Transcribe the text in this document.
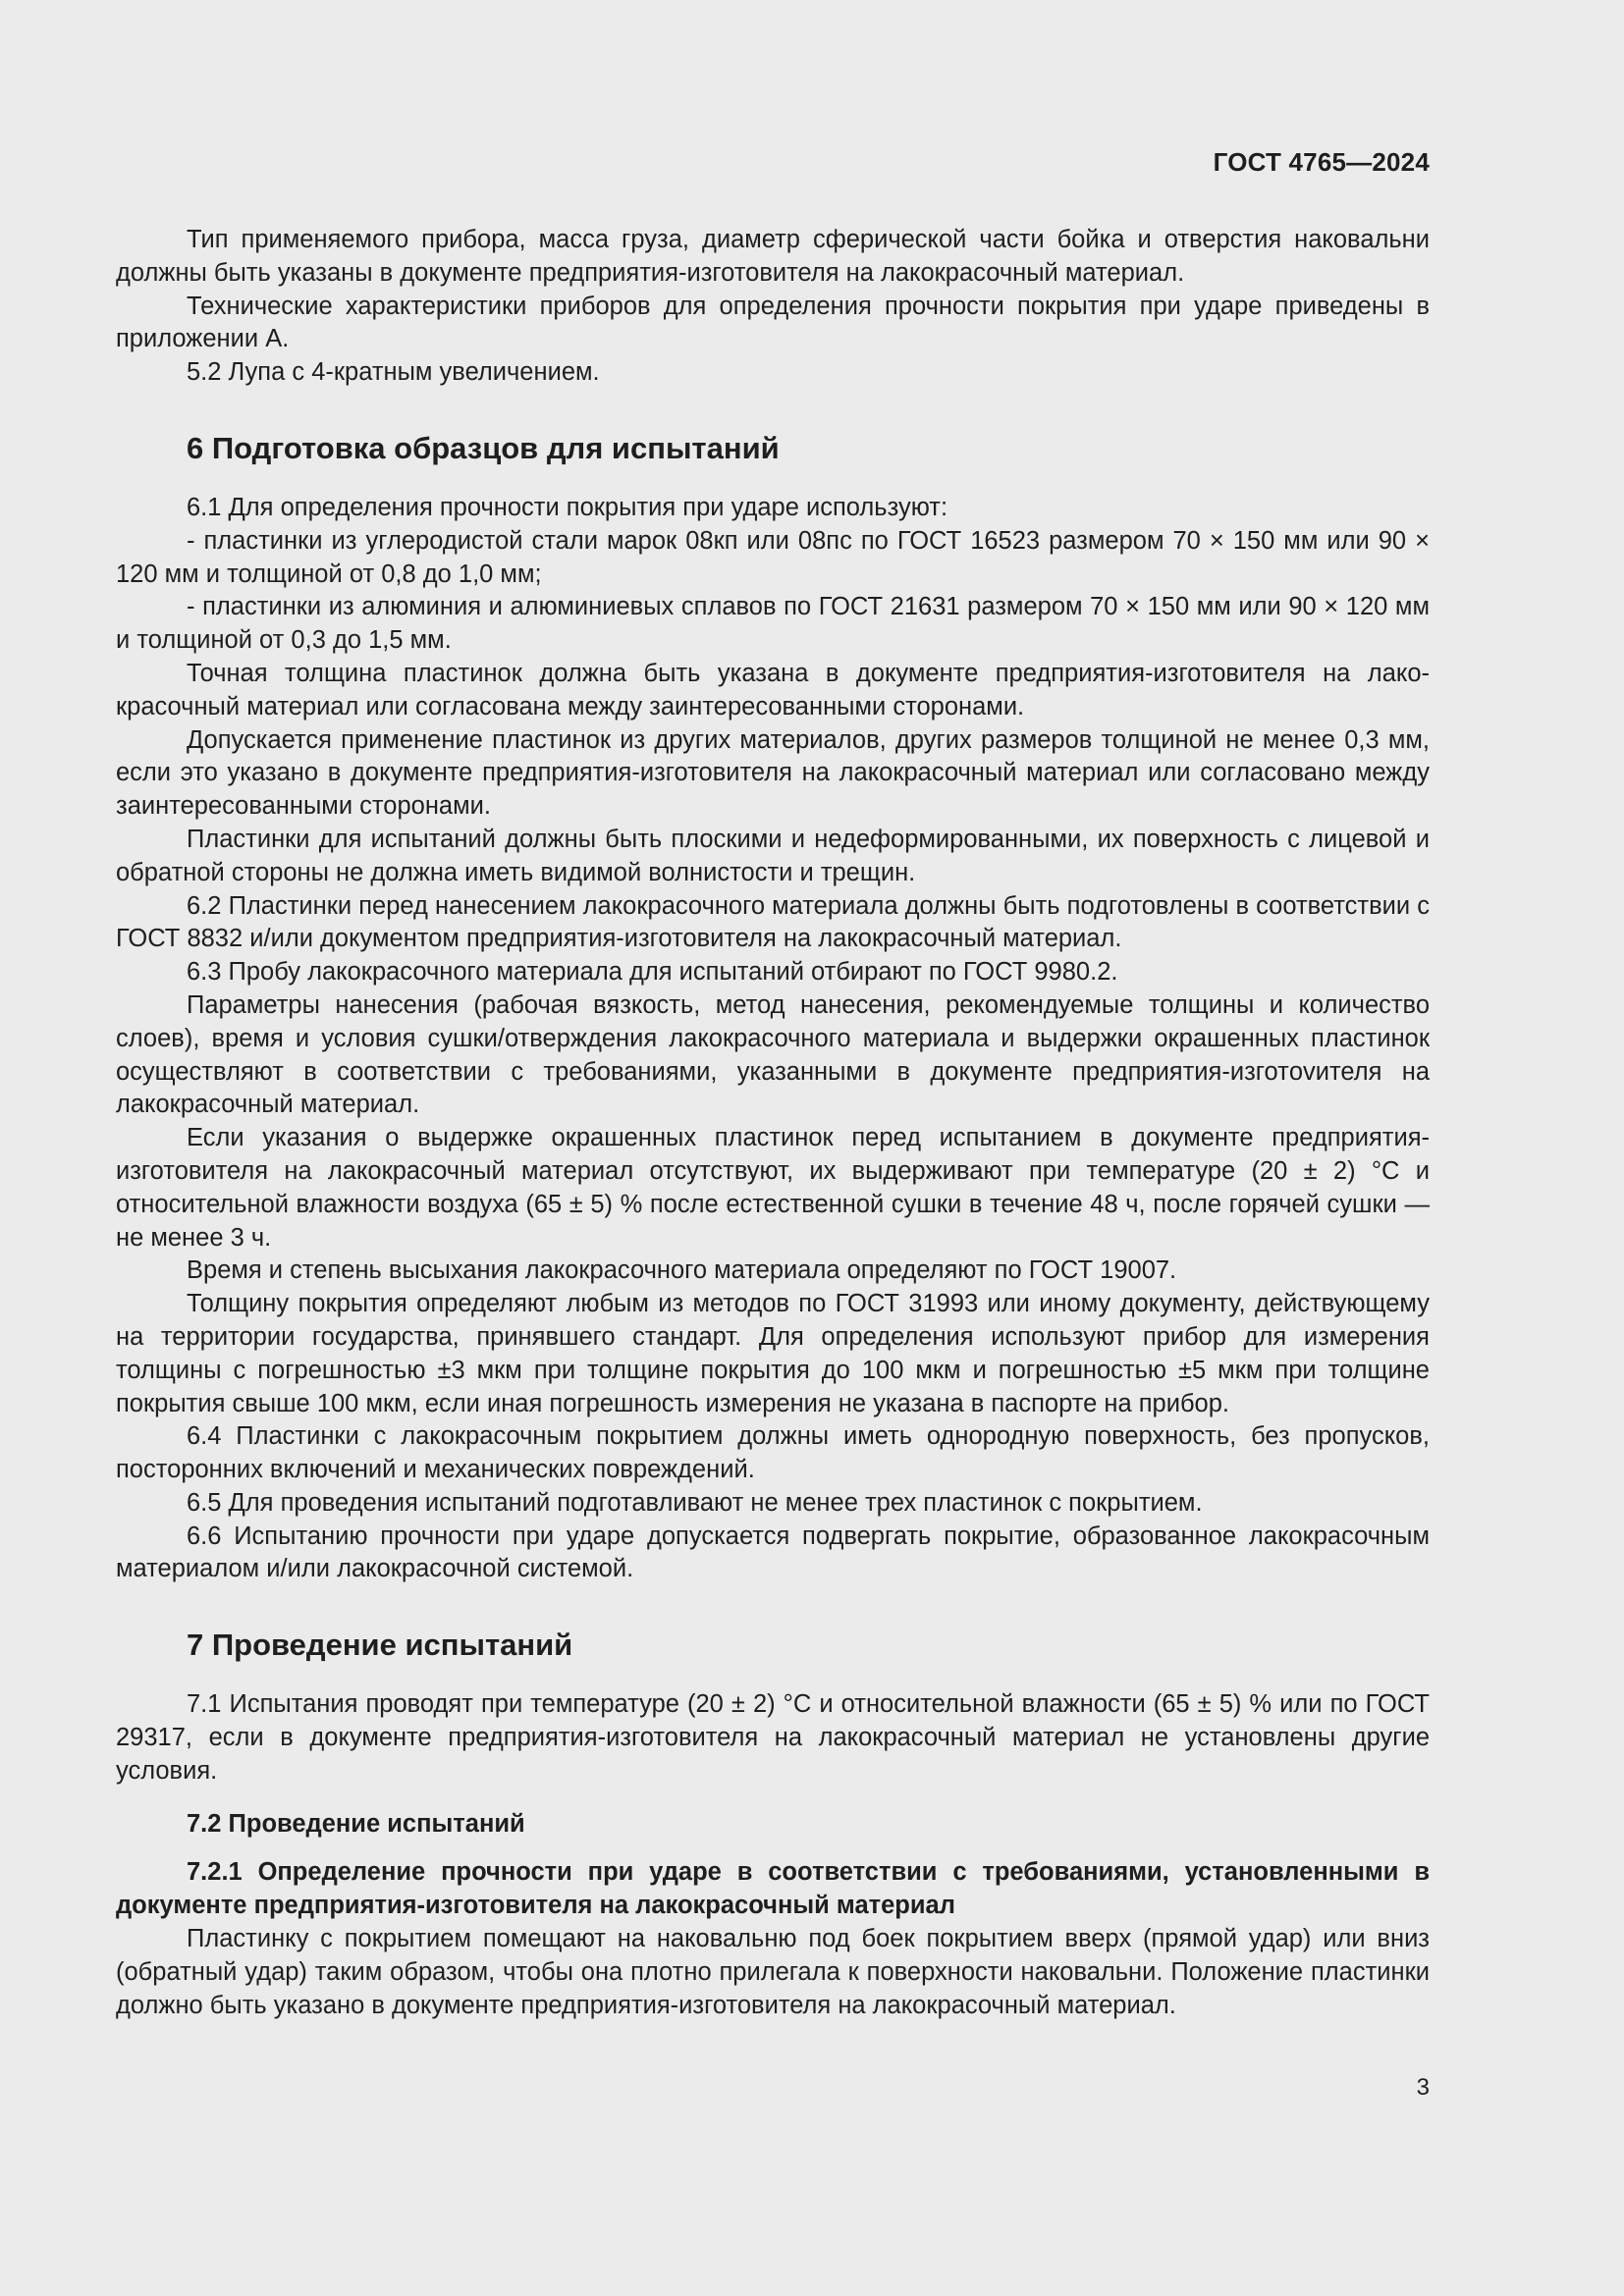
ГОСТ 4765—2024

Тип применяемого прибора, масса груза, диаметр сферической части бойка и отверстия наковальни должны быть указаны в документе предприятия-изготовителя на лакокрасочный материал.

Технические характеристики приборов для определения прочности покрытия при ударе приведены в приложении А.

5.2 Лупа с 4-кратным увеличением.

6 Подготовка образцов для испытаний

6.1 Для определения прочности покрытия при ударе используют:

- пластинки из углеродистой стали марок 08кп или 08пс по ГОСТ 16523 размером 70 × 150 мм или 90 × 120 мм и толщиной от 0,8 до 1,0 мм;

- пластинки из алюминия и алюминиевых сплавов по ГОСТ 21631 размером 70 × 150 мм или 90 × 120 мм и толщиной от 0,3 до 1,5 мм.

Точная толщина пластинок должна быть указана в документе предприятия-изготовителя на лакокрасочный материал или согласована между заинтересованными сторонами.

Допускается применение пластинок из других материалов, других размеров толщиной не менее 0,3 мм, если это указано в документе предприятия-изготовителя на лакокрасочный материал или согласовано между заинтересованными сторонами.

Пластинки для испытаний должны быть плоскими и недеформированными, их поверхность с лицевой и обратной стороны не должна иметь видимой волнистости и трещин.

6.2 Пластинки перед нанесением лакокрасочного материала должны быть подготовлены в соответствии с ГОСТ 8832 и/или документом предприятия-изготовителя на лакокрасочный материал.

6.3 Пробу лакокрасочного материала для испытаний отбирают по ГОСТ 9980.2.

Параметры нанесения (рабочая вязкость, метод нанесения, рекомендуемые толщины и количество слоев), время и условия сушки/отверждения лакокрасочного материала и выдержки окрашенных пластинок осуществляют в соответствии с требованиями, указанными в документе предприятия-изготovителя на лакокрасочный материал.

Если указания о выдержке окрашенных пластинок перед испытанием в документе предприятия-изготовителя на лакокрасочный материал отсутствуют, их выдерживают при температуре (20 ± 2) °С и относительной влажности воздуха (65 ± 5) % после естественной сушки в течение 48 ч, после горячей сушки — не менее 3 ч.

Время и степень высыхания лакокрасочного материала определяют по ГОСТ 19007.

Толщину покрытия определяют любым из методов по ГОСТ 31993 или иному документу, действующему на территории государства, принявшего стандарт. Для определения используют прибор для измерения толщины с погрешностью ±3 мкм при толщине покрытия до 100 мкм и погрешностью ±5 мкм при толщине покрытия свыше 100 мкм, если иная погрешность измерения не указана в паспорте на прибор.

6.4 Пластинки с лакокрасочным покрытием должны иметь однородную поверхность, без пропусков, посторонних включений и механических повреждений.

6.5 Для проведения испытаний подготавливают не менее трех пластинок с покрытием.

6.6 Испытанию прочности при ударе допускается подвергать покрытие, образованное лакокрасочным материалом и/или лакокрасочной системой.

7 Проведение испытаний

7.1 Испытания проводят при температуре (20 ± 2) °С и относительной влажности (65 ± 5) % или по ГОСТ 29317, если в документе предприятия-изготовителя на лакокрасочный материал не установлены другие условия.

7.2 Проведение испытаний

7.2.1 Определение прочности при ударе в соответствии с требованиями, установленными в документе предприятия-изготовителя на лакокрасочный материал

Пластинку с покрытием помещают на наковальню под боек покрытием вверх (прямой удар) или вниз (обратный удар) таким образом, чтобы она плотно прилегала к поверхности наковальни. Положение пластинки должно быть указано в документе предприятия-изготовителя на лакокрасочный материал.

3
